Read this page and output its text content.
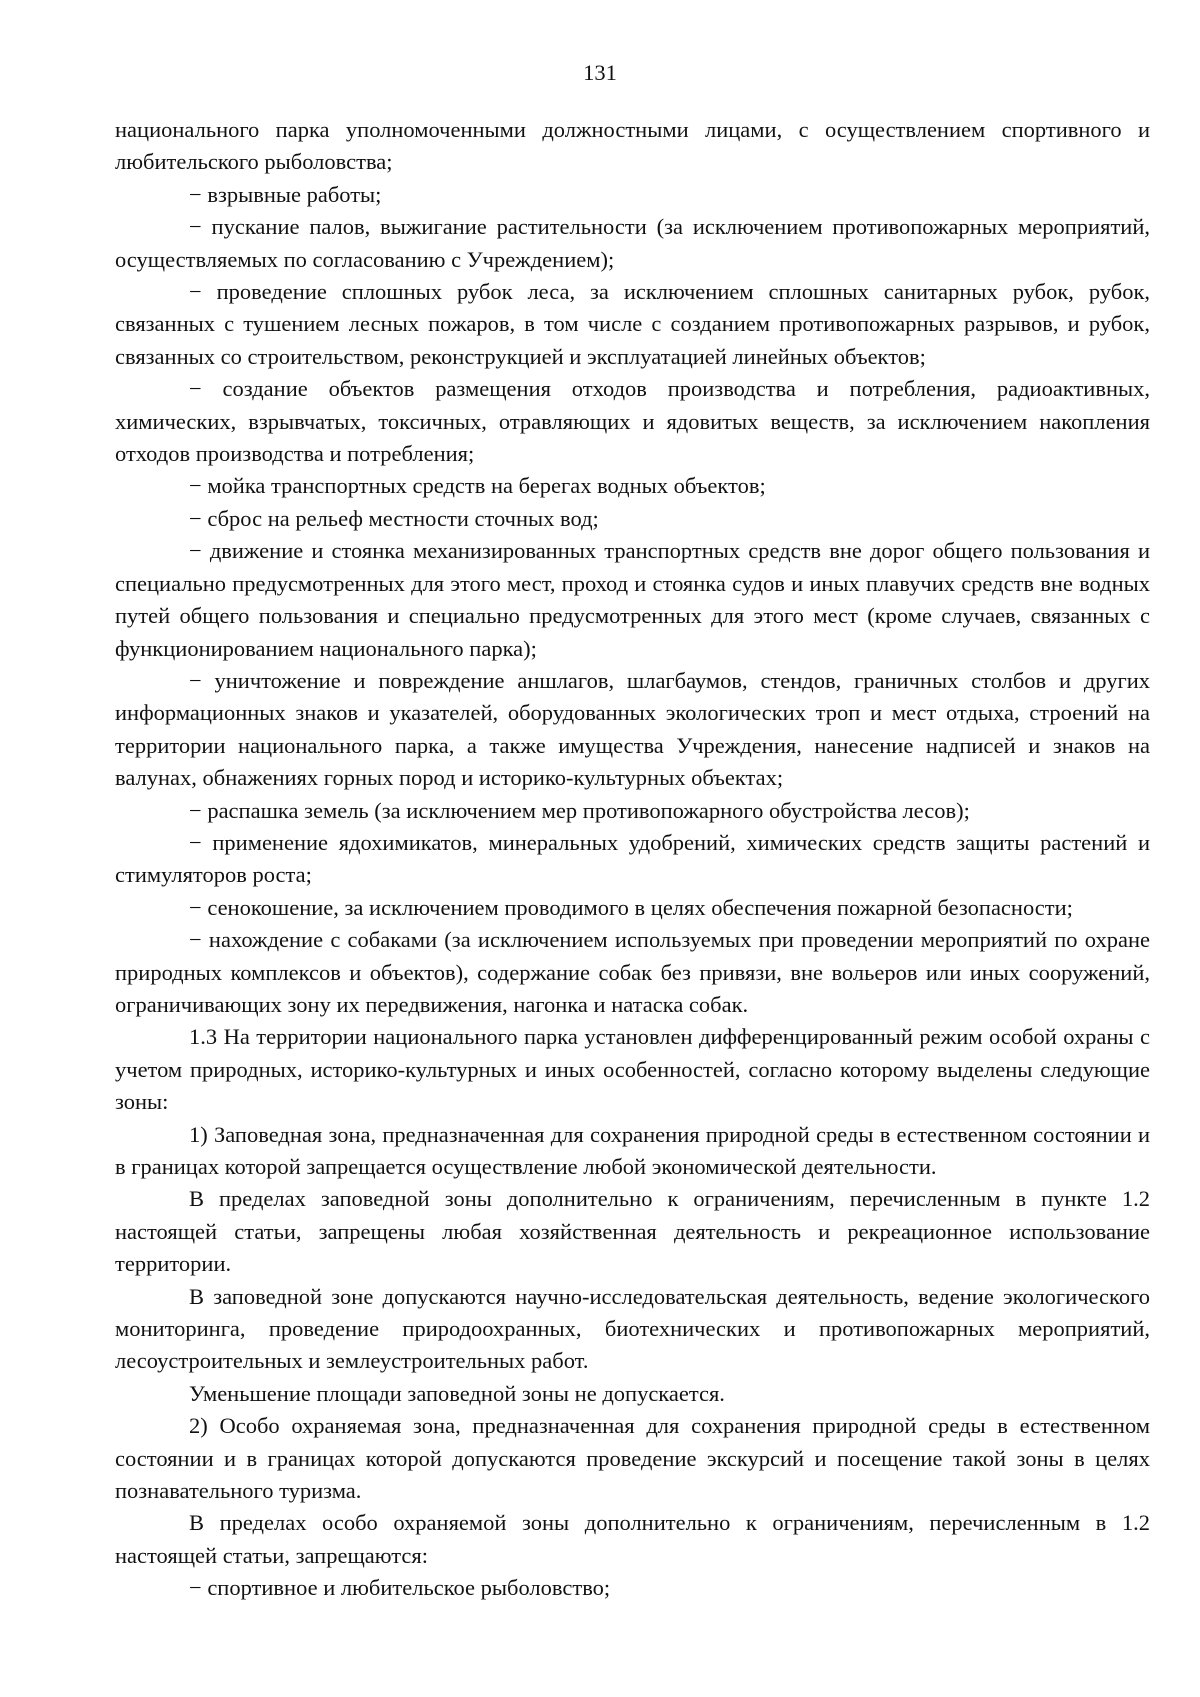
131

национального парка уполномоченными должностными лицами, с осуществлением спортивного и любительского рыболовства;

− взрывные работы;

− пускание палов, выжигание растительности (за исключением противопожарных мероприятий, осуществляемых по согласованию с Учреждением);

− проведение сплошных рубок леса, за исключением сплошных санитарных рубок, рубок, связанных с тушением лесных пожаров, в том числе с созданием противопожарных разрывов, и рубок, связанных со строительством, реконструкцией и эксплуатацией линейных объектов;

− создание объектов размещения отходов производства и потребления, радиоактивных, химических, взрывчатых, токсичных, отравляющих и ядовитых веществ, за исключением накопления отходов производства и потребления;

− мойка транспортных средств на берегах водных объектов;

− сброс на рельеф местности сточных вод;

− движение и стоянка механизированных транспортных средств вне дорог общего пользования и специально предусмотренных для этого мест, проход и стоянка судов и иных плавучих средств вне водных путей общего пользования и специально предусмотренных для этого мест (кроме случаев, связанных с функционированием национального парка);

− уничтожение и повреждение аншлагов, шлагбаумов, стендов, граничных столбов и других информационных знаков и указателей, оборудованных экологических троп и мест отдыха, строений на территории национального парка, а также имущества Учреждения, нанесение надписей и знаков на валунах, обнажениях горных пород и историко-культурных объектах;

− распашка земель (за исключением мер противопожарного обустройства лесов);

− применение ядохимикатов, минеральных удобрений, химических средств защиты растений и стимуляторов роста;

− сенокошение, за исключением проводимого в целях обеспечения пожарной безопасности;

− нахождение с собаками (за исключением используемых при проведении мероприятий по охране природных комплексов и объектов), содержание собак без привязи, вне вольеров или иных сооружений, ограничивающих зону их передвижения, нагонка и натаска собак.

1.3 На территории национального парка установлен дифференцированный режим особой охраны с учетом природных, историко-культурных и иных особенностей, согласно которому выделены следующие зоны:

1) Заповедная зона, предназначенная для сохранения природной среды в естественном состоянии и в границах которой запрещается осуществление любой экономической деятельности.

В пределах заповедной зоны дополнительно к ограничениям, перечисленным в пункте 1.2 настоящей статьи, запрещены любая хозяйственная деятельность и рекреационное использование территории.

В заповедной зоне допускаются научно-исследовательская деятельность, ведение экологического мониторинга, проведение природоохранных, биотехнических и противопожарных мероприятий, лесоустроительных и землеустроительных работ.

Уменьшение площади заповедной зоны не допускается.

2) Особо охраняемая зона, предназначенная для сохранения природной среды в естественном состоянии и в границах которой допускаются проведение экскурсий и посещение такой зоны в целях познавательного туризма.

В пределах особо охраняемой зоны дополнительно к ограничениям, перечисленным в 1.2 настоящей статьи, запрещаются:

− спортивное и любительское рыболовство;
